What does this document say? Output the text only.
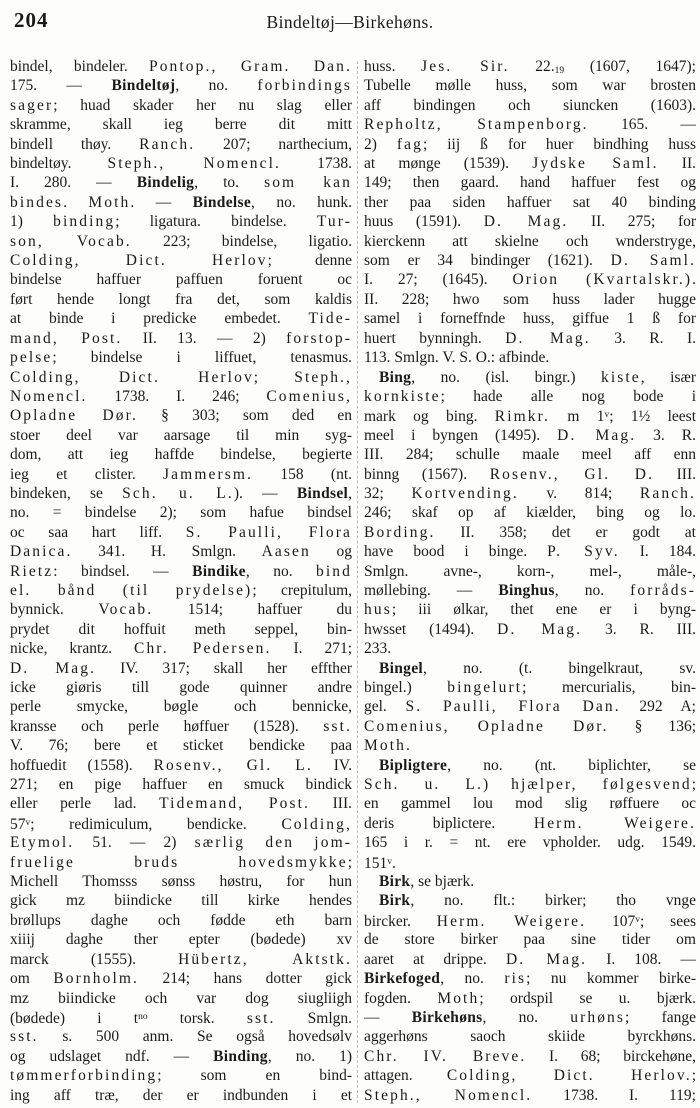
204	Bindeltøj—Birkehøns.
bindel, bindeler. Pontop., Gram. Dan.
175. — Bindeltøj, no. forbindings
sager; huad skader her nu slag eller
skramme, skall ieg berre dit mitt
bindell thøy. Ranch. 207; narthecium,
bindeltøy. Steph., Nomencl. 1738.
I. 280. — Bindelig, to. som kan
bindes. Moth. — Bindelse, no. hunk.
1) binding; ligatura. bindelse. Tur-
son, Vocab. 223; bindelse, ligatio.
Colding, Dict. Herlov; denne
bindelse haffuer paffuen foruent oc
ført hende longt fra det, som kaldis
at binde i predicke embedet. Tide-
mand, Post. II. 13. — 2) forstop-
pelse; bindelse i liffuet, tenasmus.
Colding, Dict. Herlov; Steph.,
Nomencl. 1738. I. 246; Comenius,
Opladne Dør. § 303; som ded en
stoer deel var aarsage til min syg-
dom, att ieg haffde bindelse, begierte
ieg et clister. Jammersm. 158 (nt.
bindeken, se Sch. u. L.). — Bindsel,
no. = bindelse 2); som hafue bindsel
oc saa hart liff. S. Paulli, Flora
Danica. 341. H. Smlgn. Aasen og
Rietz: bindsel. — Bindike, no. bind
el. bånd (til prydelse); crepitulum,
bynnick. Vocab. 1514; haffuer du
prydet dit hoffuit meth seppel, bin-
nicke, krantz. Chr. Pedersen. I. 271;
D. Mag. IV. 317; skall her effther
icke giøris till gode quinner andre
perle smycke, bøgle och bennicke,
kransse och perle høffuer (1528). sst.
V. 76; bere et sticket bendicke paa
hoffuedit (1558). Rosenv., Gl. L. IV.
271; en pige haffuer en smuck bindick
eller perle lad. Tidemand, Post. III.
57$^v$; redimiculum, bendicke. Colding,
Etymol. 51. — 2) særlig den jom-
fruelige bruds hovedsmykke;
Michell Thomsss sønss høstru, for hun
gick mz biindicke till kirke hendes
brøllups daghe och fødde eth barn
xiiij daghe ther epter (bødede) xv
marck (1555). Hübertz, Aktstk.
om Bornholm. 214; hans dotter gick
mz biindicke och var dog siugliigh
(bødede) i $t^{no}$ torsk. sst. Smlgn.
sst. s. 500 anm. Se også hovedsølv
og udslaget ndf. — Binding, no. 1)
tømmerforbinding; som en bind-
ing aff træ, der er indbunden i et
huss. Jes. Sir. $22._{19}$ (1607, 1647);
Tubelle mølle huss, som war brosten
aff bindingen och siuncken (1603).
Repholtz, Stampenborg. 165. —
2) fag; iij ß for huer bindhing huss
at mønge (1539). Jydske Saml. II.
149; then gaard. hand haffuer fest og
ther paa siden haffuer sat 40 binding
huus (1591). D. Mag. II. 275; for
kierckenn att skielne och wnderstryge,
som er 34 bindinger (1621). D. Saml.
I. 27; (1645). Orion (Kvartalskr.).
II. 228; hwo som huss lader hugge
samel i forneffnde huss, giffue 1 ß for
huert bynningh. D. Mag. 3. R. I.
113. Smlgn. V. S. O.: afbinde.
Bing, no. (isl. bingr.) kiste, især
kornkiste; hade alle nog bode i
mark og bing. Rimkr. m 1$^v$; 1½ leest
meel i byngen (1495). D. Mag. 3. R.
III. 284; schulle maale meel aff enn
binng (1567). Rosenv., Gl. D. III.
32; Kortvending. v. 814; Ranch.
246; skaf op af kiælder, bing og lo.
Bording. II. 358; det er godt at
have bood i binge. P. Syv. I. 184.
Smlgn. avne-, korn-, mel-, måle-,
møllebing. — Binghus, no. forråds-
hus; iii ølkar, thet ene er i byng-
hwsset (1494). D. Mag. 3. R. III.
233.
Bingel, no. (t. bingelkraut, sv.
bingel.) bingelurt; mercurialis, bin-
gel. S. Paulli, Flora Dan. 292 A;
Comenius, Opladne Dør. § 136;
Moth.
Bipligtere, no. (nt. biplichter, se
Sch. u. L.) hjælper, følgesvend;
en gammel lou mod slig røffuere oc
deris biplictere. Herm. Weigere.
165 i r. = nt. ere vpholder. udg. 1549.
151$^v$.
Birk, se bjærk.
Birk, no. flt.: birker; tho vnge
bircker. Herm. Weigere. 107$^v$; sees
de store birker paa sine tider om
aaret at drippe. D. Mag. I. 108. —
Birkefoged, no. ris; nu kommer birke-
fogden. Moth; ordspil se u. bjærk.
— Birkehøns, no. urhøns; fange
aggerhøns saoch skiide byrckhøns.
Chr. IV. Breve. I. 68; birckehøne,
attagen. Colding, Dict. Herlov.;
Steph., Nomencl. 1738. I. 119;
